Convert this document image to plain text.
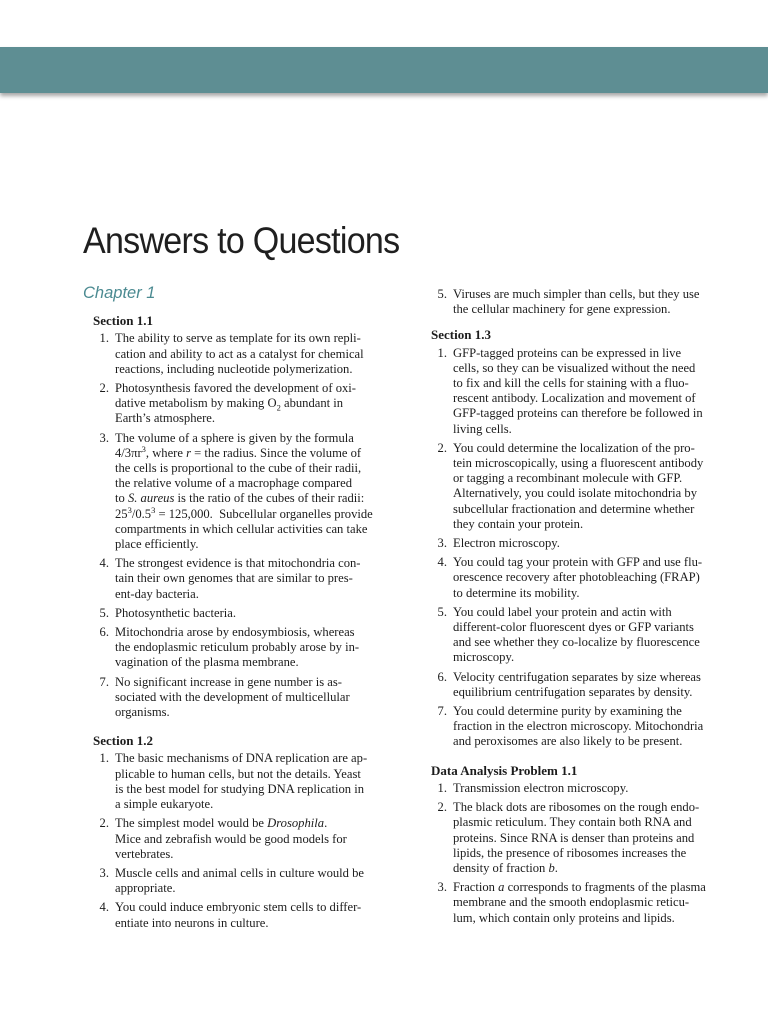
Answers to Questions
Chapter 1
Section 1.1
1. The ability to serve as template for its own repli-
cation and ability to act as a catalyst for chemical
reactions, including nucleotide polymerization.
2. Photosynthesis favored the development of oxi-
dative metabolism by making $O_2$ abundant in
Earth’s atmosphere.
3. The volume of a sphere is given by the formula
$4/3\pi r^3$, where r = the radius. Since the volume of
the cells is proportional to the cube of their radii,
the relative volume of a macrophage compared
to S. aureus is the ratio of the cubes of their radii:
$25^3/0.5^3 = 125,000$.  Subcellular organelles provide
compartments in which cellular activities can take
place efficiently.
4. The strongest evidence is that mitochondria con-
tain their own genomes that are similar to pres-
ent-day bacteria.
5. Photosynthetic bacteria.
6. Mitochondria arose by endosymbiosis, whereas
the endoplasmic reticulum probably arose by in-
vagination of the plasma membrane.
7. No significant increase in gene number is as-
sociated with the development of multicellular
organisms.
Section 1.2
1. The basic mechanisms of DNA replication are ap-
plicable to human cells, but not the details. Yeast
is the best model for studying DNA replication in
a simple eukaryote.
2. The simplest model would be Drosophila.
Mice and zebrafish would be good models for
vertebrates.
3. Muscle cells and animal cells in culture would be
appropriate.
4. You could induce embryonic stem cells to differ-
entiate into neurons in culture.
5. Viruses are much simpler than cells, but they use
the cellular machinery for gene expression.
Section 1.3
1. GFP-tagged proteins can be expressed in live
cells, so they can be visualized without the need
to fix and kill the cells for staining with a fluo-
rescent antibody. Localization and movement of
GFP-tagged proteins can therefore be followed in
living cells.
2. You could determine the localization of the pro-
tein microscopically, using a fluorescent antibody
or tagging a recombinant molecule with GFP.
Alternatively, you could isolate mitochondria by
subcellular fractionation and determine whether
they contain your protein.
3. Electron microscopy.
4. You could tag your protein with GFP and use flu-
orescence recovery after photobleaching (FRAP)
to determine its mobility.
5. You could label your protein and actin with
different-color fluorescent dyes or GFP variants
and see whether they co-localize by fluorescence
microscopy.
6. Velocity centrifugation separates by size whereas
equilibrium centrifugation separates by density.
7. You could determine purity by examining the
fraction in the electron microscopy. Mitochondria
and peroxisomes are also likely to be present.
Data Analysis Problem 1.1
1. Transmission electron microscopy.
2. The black dots are ribosomes on the rough endo-
plasmic reticulum. They contain both RNA and
proteins. Since RNA is denser than proteins and
lipids, the presence of ribosomes increases the
density of fraction b.
3. Fraction a corresponds to fragments of the plasma
membrane and the smooth endoplasmic reticu-
lum, which contain only proteins and lipids.
